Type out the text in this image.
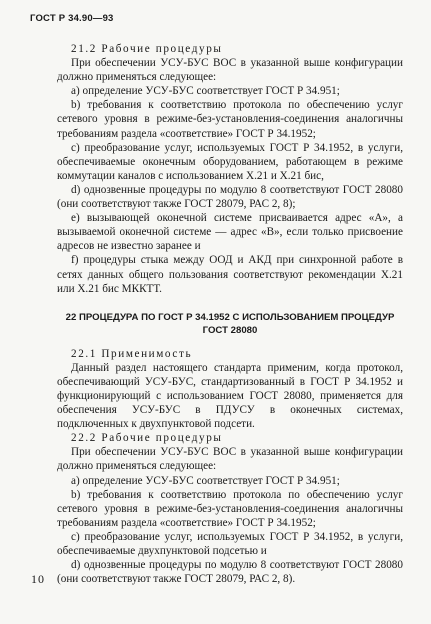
ГОСТ Р 34.90—93

21.2 Рабочие процедуры

При обеспечении УСУ-БУС ВОС в указанной выше конфигурации должно применяться следующее:

a) определение УСУ-БУС соответствует ГОСТ Р 34.951;

b) требования к соответствию протокола по обеспечению услуг сетевого уровня в режиме-без-установления-соединения аналогичны требованиям раздела «соответствие» ГОСТ Р 34.1952;

c) преобразование услуг, используемых ГОСТ Р 34.1952, в услуги, обеспечиваемые оконечным оборудованием, работающем в режиме коммутации каналов с использованием X.21 и X.21 бис,

d) однозвенные процедуры по модулю 8 соответствуют ГОСТ 28080 (они соответствуют также ГОСТ 28079, РАС 2, 8);

e) вызывающей оконечной системе присваивается адрес «А», а вызываемой оконечной системе — адрес «В», если только присвоение адресов не известно заранее и

f) процедуры стыка между ООД и АКД при синхронной работе в сетях данных общего пользования соответствуют рекомендации X.21 или X.21 бис МККТТ.

22 ПРОЦЕДУРА ПО ГОСТ Р 34.1952 С ИСПОЛЬЗОВАНИЕМ ПРОЦЕДУР ГОСТ 28080

22.1 Применимость

Данный раздел настоящего стандарта применим, когда протокол, обеспечивающий УСУ-БУС, стандартизованный в ГОСТ Р 34.1952 и функционирующий с использованием ГОСТ 28080, применяется для обеспечения УСУ-БУС в ПДУСУ в оконечных системах, подключенных к двухпунктовой подсети.

22.2 Рабочие процедуры

При обеспечении УСУ-БУС ВОС в указанной выше конфигурации должно применяться следующее:

a) определение УСУ-БУС соответствует ГОСТ Р 34.951;

b) требования к соответствию протокола по обеспечению услуг сетевого уровня в режиме-без-установления-соединения аналогичны требованиям раздела «соответствие» ГОСТ Р 34.1952;

c) преобразование услуг, используемых ГОСТ Р 34.1952, в услуги, обеспечиваемые двухпунктовой подсетью и

d) однозвенные процедуры по модулю 8 соответствуют ГОСТ 28080 (они соответствуют также ГОСТ 28079, РАС 2, 8).

10
